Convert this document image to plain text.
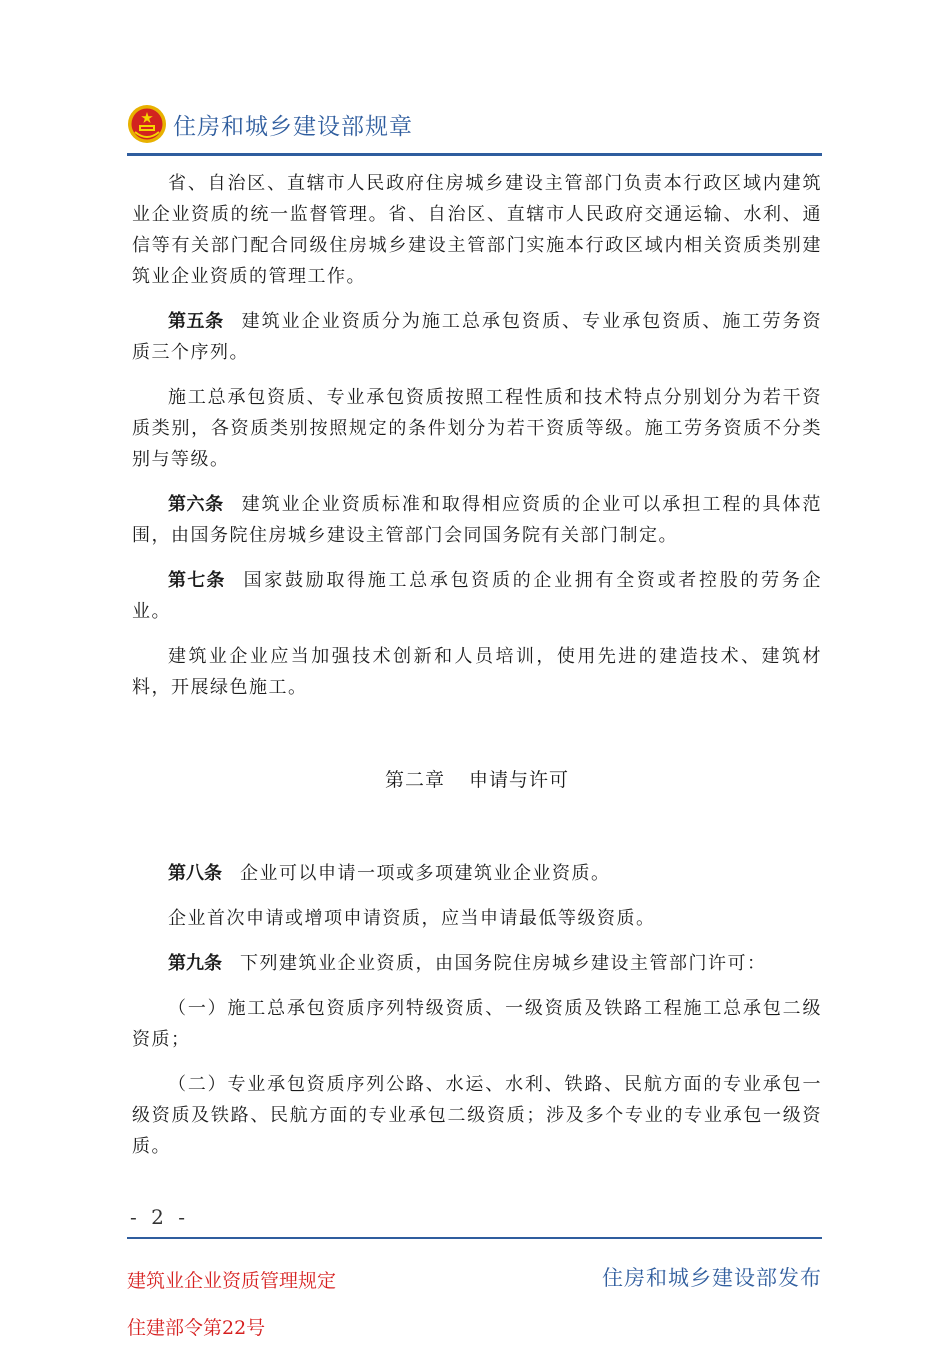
住房和城乡建设部规章

省、自治区、直辖市人民政府住房城乡建设主管部门负责本行政区域内建筑业企业资质的统一监督管理。省、自治区、直辖市人民政府交通运输、水利、通信等有关部门配合同级住房城乡建设主管部门实施本行政区域内相关资质类别建筑业企业资质的管理工作。

第五条 建筑业企业资质分为施工总承包资质、专业承包资质、施工劳务资质三个序列。

施工总承包资质、专业承包资质按照工程性质和技术特点分别划分为若干资质类别，各资质类别按照规定的条件划分为若干资质等级。施工劳务资质不分类别与等级。

第六条 建筑业企业资质标准和取得相应资质的企业可以承担工程的具体范围，由国务院住房城乡建设主管部门会同国务院有关部门制定。

第七条 国家鼓励取得施工总承包资质的企业拥有全资或者控股的劳务企业。

建筑业企业应当加强技术创新和人员培训，使用先进的建造技术、建筑材料，开展绿色施工。

第二章 申请与许可

第八条 企业可以申请一项或多项建筑业企业资质。

企业首次申请或增项申请资质，应当申请最低等级资质。

第九条 下列建筑业企业资质，由国务院住房城乡建设主管部门许可：

（一）施工总承包资质序列特级资质、一级资质及铁路工程施工总承包二级资质；

（二）专业承包资质序列公路、水运、水利、铁路、民航方面的专业承包一级资质及铁路、民航方面的专业承包二级资质；涉及多个专业的专业承包一级资质。

- 2 -
建筑业企业资质管理规定
住建部令第22号
住房和城乡建设部发布
